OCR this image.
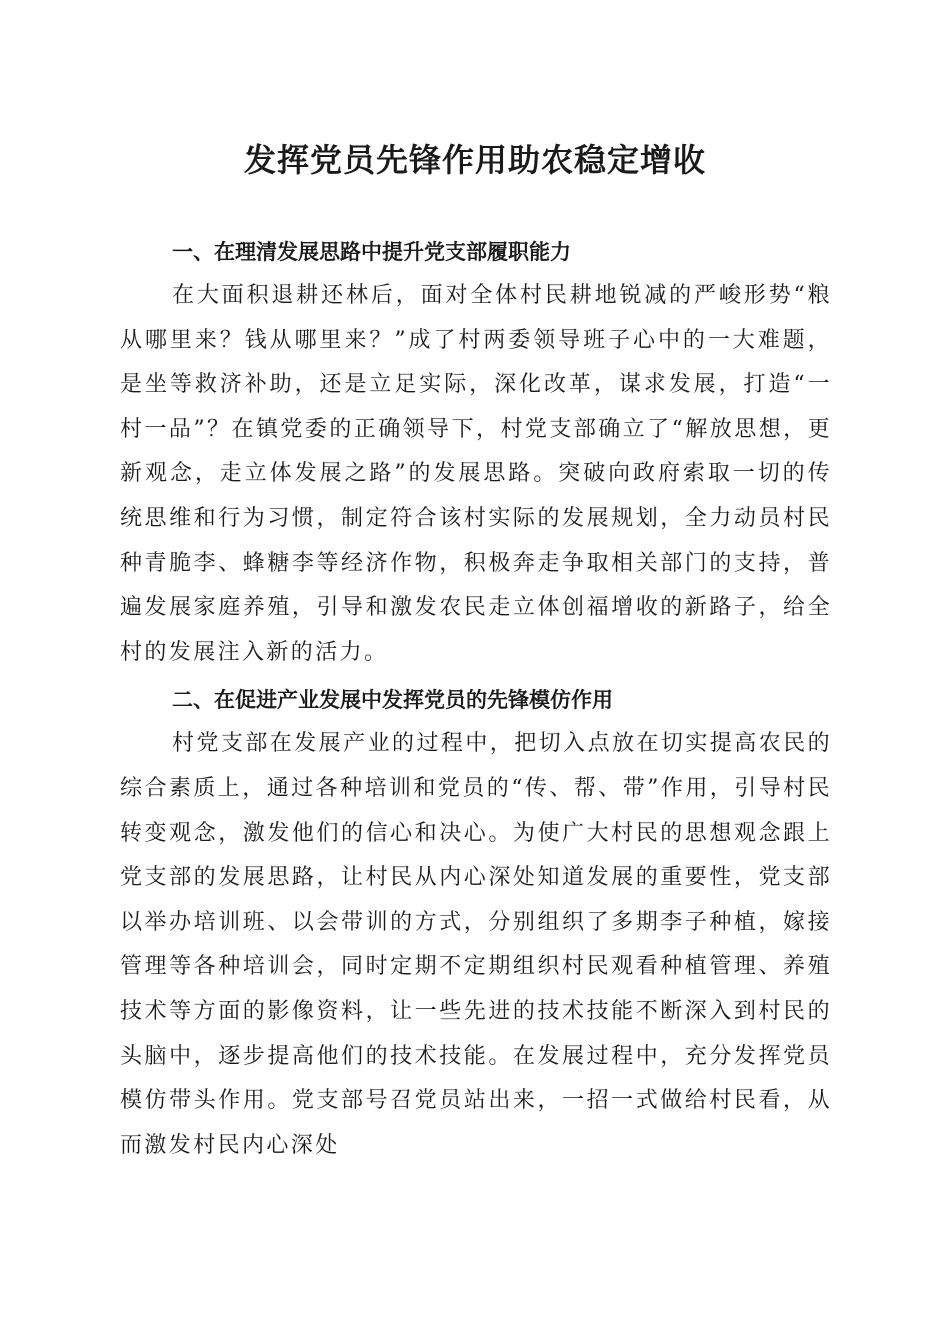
发挥党员先锋作用助农稳定增收

一、在理清发展思路中提升党支部履职能力

在大面积退耕还林后，面对全体村民耕地锐减的严峻形势“粮从哪里来？钱从哪里来？”成了村两委领导班子心中的一大难题，是坐等救济补助，还是立足实际，深化改革，谋求发展，打造“一村一品”？在镇党委的正确领导下，村党支部确立了“解放思想，更新观念，走立体发展之路”的发展思路。突破向政府索取一切的传统思维和行为习惯，制定符合该村实际的发展规划，全力动员村民种青脆李、蜂糖李等经济作物，积极奔走争取相关部门的支持，普遍发展家庭养殖，引导和激发农民走立体创福增收的新路子，给全村的发展注入新的活力。

二、在促进产业发展中发挥党员的先锋模仿作用

村党支部在发展产业的过程中，把切入点放在切实提高农民的综合素质上，通过各种培训和党员的“传、帮、带”作用，引导村民转变观念，激发他们的信心和决心。为使广大村民的思想观念跟上党支部的发展思路，让村民从内心深处知道发展的重要性，党支部以举办培训班、以会带训的方式，分别组织了多期李子种植，嫁接管理等各种培训会，同时定期不定期组织村民观看种植管理、养殖技术等方面的影像资料，让一些先进的技术技能不断深入到村民的头脑中，逐步提高他们的技术技能。在发展过程中，充分发挥党员模仿带头作用。党支部号召党员站出来，一招一式做给村民看，从而激发村民内心深处
